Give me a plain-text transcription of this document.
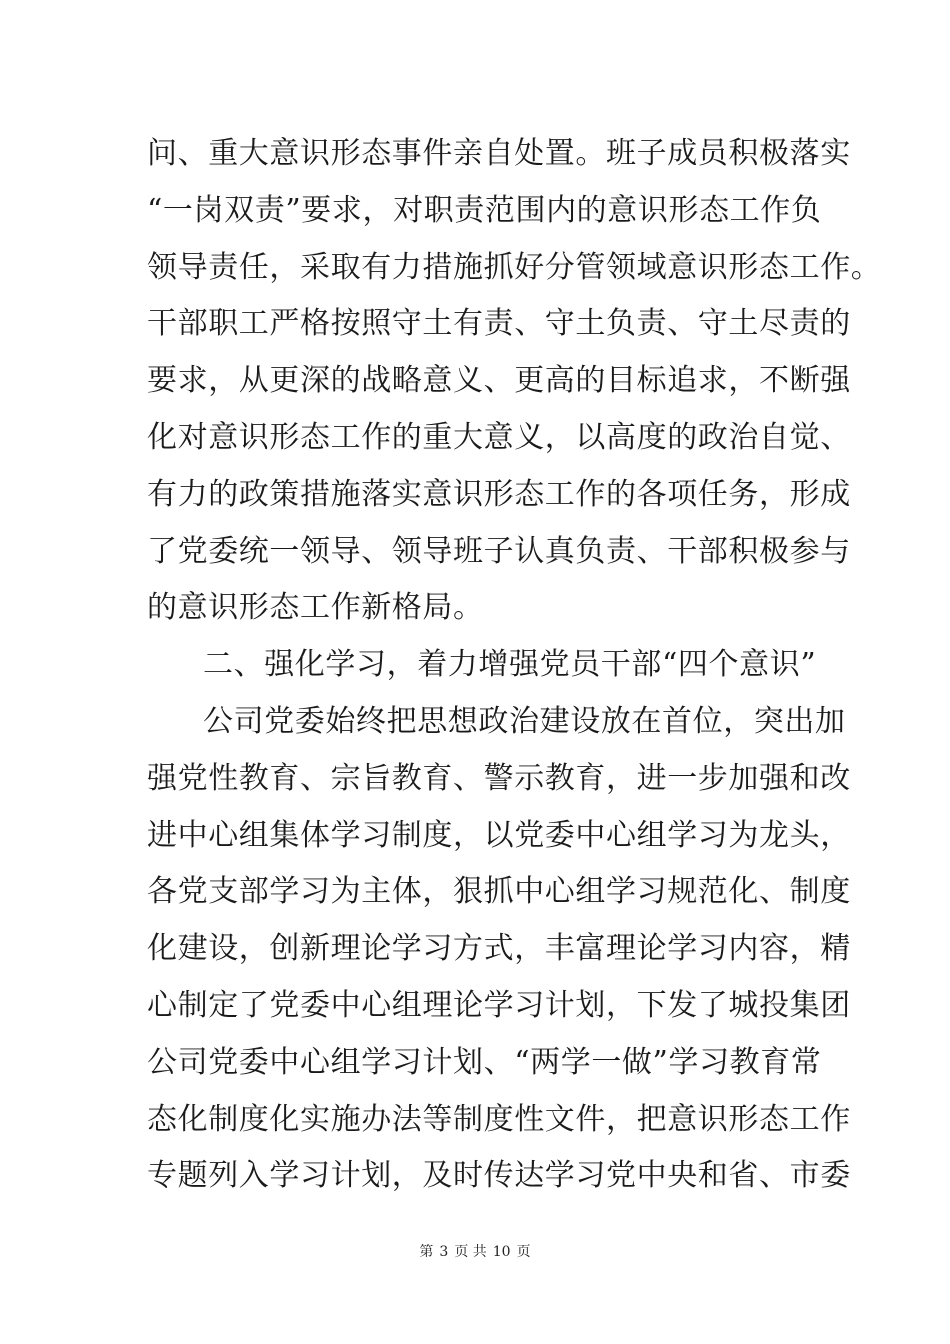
问、重大意识形态事件亲自处置。班子成员积极落实
“一岗双责”要求，对职责范围内的意识形态工作负
领导责任，采取有力措施抓好分管领域意识形态工作。
干部职工严格按照守土有责、守土负责、守土尽责的
要求，从更深的战略意义、更高的目标追求，不断强
化对意识形态工作的重大意义，以高度的政治自觉、
有力的政策措施落实意识形态工作的各项任务，形成
了党委统一领导、领导班子认真负责、干部积极参与
的意识形态工作新格局。
二、强化学习，着力增强党员干部“四个意识”
公司党委始终把思想政治建设放在首位，突出加
强党性教育、宗旨教育、警示教育，进一步加强和改
进中心组集体学习制度，以党委中心组学习为龙头，
各党支部学习为主体，狠抓中心组学习规范化、制度
化建设，创新理论学习方式，丰富理论学习内容，精
心制定了党委中心组理论学习计划，下发了城投集团
公司党委中心组学习计划、“两学一做”学习教育常
态化制度化实施办法等制度性文件，把意识形态工作
专题列入学习计划，及时传达学习党中央和省、市委
第 3 页 共 10 页
